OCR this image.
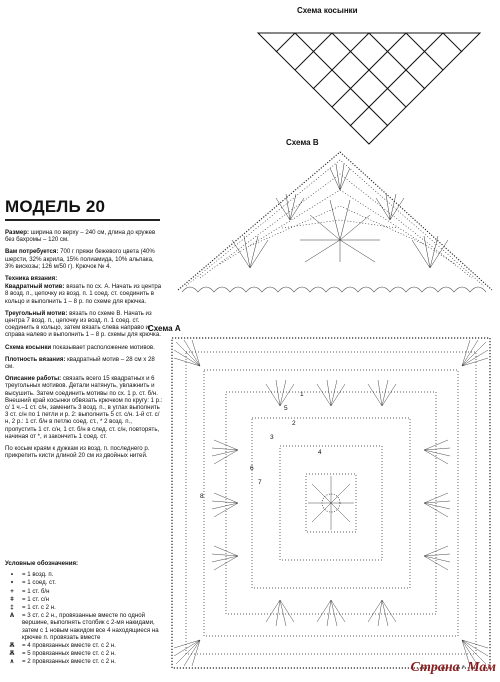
Схема косынки
Схема В
Схема А
1
5
2
3
4
6
7
8
МОДЕЛЬ 20

Размер: ширина по верху – 240 см, длина до кружев без бахромы – 120 см.

Вам потребуется: 700 г пряжи бежевого цвета (40% шерсти, 32% акрила, 15% полиамида, 10% альпака, 3% вискозы; 126 м/50 г). Крючок № 4.

Техника вязания:

Квадратный мотив: вязать по сх. А. Начать из центра 8 возд. п., цепочку из возд. п. 1 соед. ст. соединить в кольцо и выполнить 1 – 8 р. по схеме для крючка.

Треугольный мотив: вязать по схеме В. Начать из центра 7 возд. п., цепочку из возд. п. 1 соед. ст. соединить в кольцо, затем вязать слева направо и справа налево и выполнить 1 – 8 р. схемы для крючка.

Схема косынки показывает расположение мотивов.

Плотность вязания: квадратный мотив – 28 см х 28 см.

Описание работы: связать всего 15 квадратных и 6 треугольных мотивов. Детали натянуть, увлажнить и высушить. Затем соединить мотивы по сх. 1 р. ст. б/н. Внешний край косынки обвязать крючком по кругу: 1 р.: с/ 1 ч.–1 ст. с/н, заменить 3 возд. п., в углах выполнить 3 ст. с/н по 1 петли и р. 2: выполнить 5 ст. с/н. 1-й ст. с/н, 2 р.: 1 ст. б/н в петлю соед. ст., * 2 возд. п., пропустить 1 ст. с/н, 1 ст. б/н в след. ст. с/н, повторять, начиная от *, и закончить 1 соед. ст.

По косым краям к дужкам из возд. п. последнего р. прикрепить кисти длиной 20 см из двойных нитей.

Условные обозначения:
•	= 1 возд. п.
∘	= 1 соед. ст.
+	= 1 ст. б/н
ǂ	= 1 ст. с/н
‡	= 1 ст. с 2 н.
Ѧ	= 3 ст. с 2 н., провязанные вместе по одной вершине, выполнять столбик с 2-мя накидами, затем с 1 новым накидом все 4 находящиеся на крючке п. провязать вместе
Ѫ	= 4 провязанных вместе ст. с 2 н.
Ѫ	= 5 провязанных вместе ст. с 2 н.
∧	= 2 провязанных вместе ст. с 2 н.	Страна · Мам
